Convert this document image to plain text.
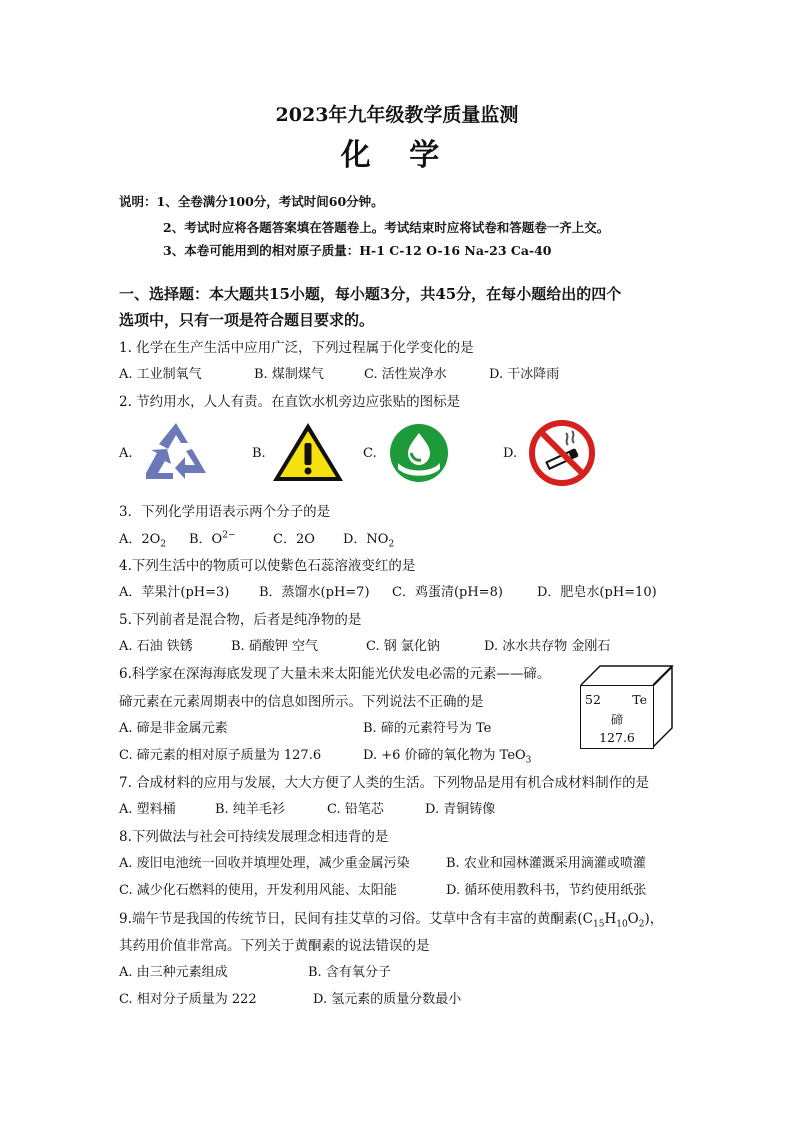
2023年九年级教学质量监测
化 学
说明：1、全卷满分100分，考试时间60分钟。
2、考试时应将各题答案填在答题卷上。考试结束时应将试卷和答题卷一齐上交。
3、本卷可能用到的相对原子质量：H-1 C-12 O-16 Na-23 Ca-40
一、选择题：本大题共15小题，每小题3分，共45分，在每小题给出的四个
选项中，只有一项是符合题目要求的。
1. 化学在生产生活中应用广泛，下列过程属于化学变化的是
A. 工业制氧气	B. 煤制煤气	C. 活性炭净水	D. 干冰降雨
2. 节约用水，人人有责。在直饮水机旁边应张贴的图标是
A.	B.	C.	D.
3．下列化学用语表示两个分子的是
A．$2O_2$ B．$O^{2-}$	C．2O D．$NO_2$
4.下列生活中的物质可以使紫色石蕊溶液变红的是
A．苹果汁(pH=3) B．蒸馏水(pH=7) C．鸡蛋清(pH=8)	D．肥皂水(pH=10)
5.下列前者是混合物，后者是纯净物的是
A. 石油 铁锈	B. 硝酸钾 空气	C. 钢 氯化钠	D. 冰水共存物 金刚石
6.科学家在深海海底发现了大量未来太阳能光伏发电必需的元素——碲。
碲元素在元素周期表中的信息如图所示。下列说法不正确的是
A. 碲是非金属元素	B. 碲的元素符号为 Te
C. 碲元素的相对原子质量为 127.6	D. +6 价碲的氧化物为 TeO$_3$
52	Te
碲
127.6
7. 合成材料的应用与发展，大大方便了人类的生活。下列物品是用有机合成材料制作的是
A. 塑料桶	B. 纯羊毛衫	C. 铅笔芯	D. 青铜铸像
8.下列做法与社会可持续发展理念相违背的是
A. 废旧电池统一回收并填埋处理，减少重金属污染	B. 农业和园林灌溉采用滴灌或喷灌
C. 减少化石燃料的使用，开发利用风能、太阳能	D. 循环使用教科书，节约使用纸张
9.端午节是我国的传统节日，民间有挂艾草的习俗。艾草中含有丰富的黄酮素$(C_{15}H_{10}O_2)$，
其药用价值非常高。下列关于黄酮素的说法错误的是
A. 由三种元素组成	B. 含有氧分子
C. 相对分子质量为 222	D. 氢元素的质量分数最小
